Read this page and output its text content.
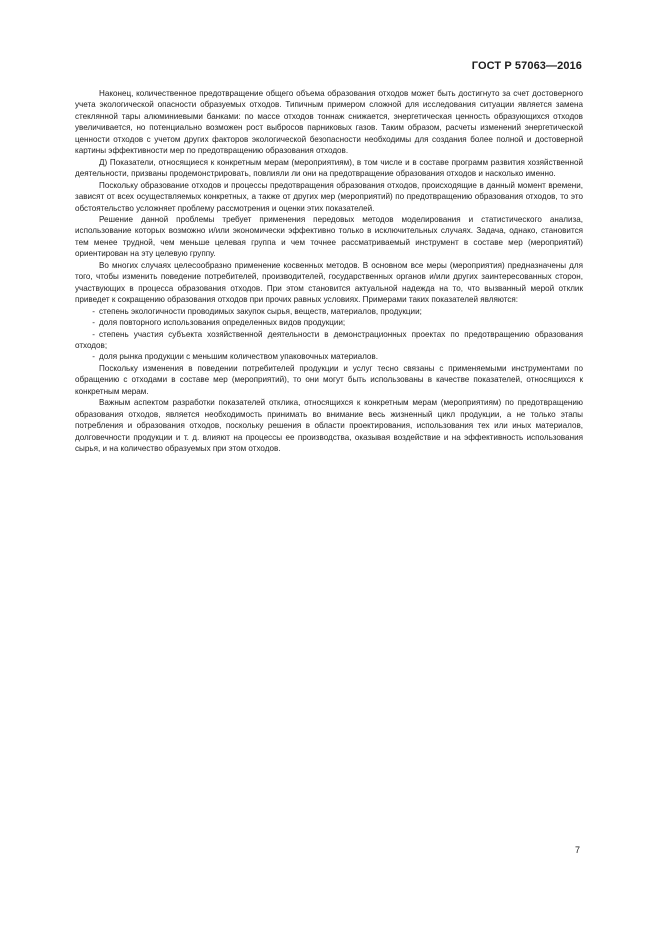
ГОСТ Р 57063—2016

Наконец, количественное предотвращение общего объема образования отходов может быть достигнуто за счет достоверного учета экологической опасности образуемых отходов. Типичным примером сложной для исследования ситуации является замена стеклянной тары алюминиевыми банками: по массе отходов тоннаж снижается, энергетическая ценность образующихся отходов увеличивается, но потенциально возможен рост выбросов парниковых газов. Таким образом, расчеты изменений энергетической ценности отходов с учетом других факторов экологической безопасности необходимы для создания более полной и достоверной картины эффективности мер по предотвращению образования отходов.

Д) Показатели, относящиеся к конкретным мерам (мероприятиям), в том числе и в составе программ развития хозяйственной деятельности, призваны продемонстрировать, повлияли ли они на предотвращение образования отходов и насколько именно.

Поскольку образование отходов и процессы предотвращения образования отходов, происходящие в данный момент времени, зависят от всех осуществляемых конкретных, а также от других мер (мероприятий) по предотвращению образования отходов, то это обстоятельство усложняет проблему рассмотрения и оценки этих показателей.

Решение данной проблемы требует применения передовых методов моделирования и статистического анализа, использование которых возможно и/или экономически эффективно только в исключительных случаях. Задача, однако, становится тем менее трудной, чем меньше целевая группа и чем точнее рассматриваемый инструмент в составе мер (мероприятий) ориентирован на эту целевую группу.

Во многих случаях целесообразно применение косвенных методов. В основном все меры (мероприятия) предназначены для того, чтобы изменить поведение потребителей, производителей, государственных органов и/или других заинтересованных сторон, участвующих в процесса образования отходов. При этом становится актуальной надежда на то, что вызванный мерой отклик приведет к сокращению образования отходов при прочих равных условиях. Примерами таких показателей являются:

- степень экологичности проводимых закупок сырья, веществ, материалов, продукции;

- доля повторного использования определенных видов продукции;

- степень участия субъекта хозяйственной деятельности в демонстрационных проектах по предотвращению образования отходов;

- доля рынка продукции с меньшим количеством упаковочных материалов.

Поскольку изменения в поведении потребителей продукции и услуг тесно связаны с применяемыми инструментами по обращению с отходами в составе мер (мероприятий), то они могут быть использованы в качестве показателей, относящихся к конкретным мерам.

Важным аспектом разработки показателей отклика, относящихся к конкретным мерам (мероприятиям) по предотвращению образования отходов, является необходимость принимать во внимание весь жизненный цикл продукции, а не только этапы потребления и образования отходов, поскольку решения в области проектирования, использования тех или иных материалов, долговечности продукции и т. д. влияют на процессы ее производства, оказывая воздействие и на эффективность использования сырья, и на количество образуемых при этом отходов.

7
